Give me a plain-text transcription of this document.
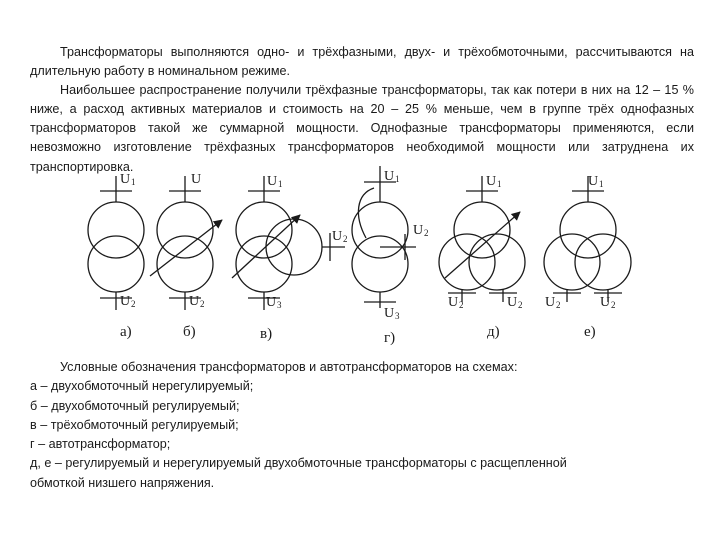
Трансформаторы выполняются одно- и трёхфазными, двух- и трёхобмоточными, рассчитываются на длительную работу в номинальном режиме.

Наибольшее распространение получили трёхфазные трансформаторы, так как потери в них на 12 – 15 % ниже, а расход активных материалов и стоимость на 20 – 25 % меньше, чем в группе трёх однофазных трансформаторов такой же суммарной мощности. Однофазные трансформаторы применяются, если невозможно изготовление трёхфазных трансформаторов необходимой мощности или затруднена их транспортировка.

U 1
U 2
U
U 2
U 1
U 2
U 3
U 1
U 2
U 3
U 1
U 2	U 2
U 1
U 2	U 2
а)	б)	в)	г)	д)	е)
Условные обозначения трансформаторов и автотрансформаторов на схемах:
а – двухобмоточный нерегулируемый;
б – двухобмоточный регулируемый;
в – трёхобмоточный регулируемый;
г – автотрансформатор;
д, е – регулируемый и нерегулируемый двухобмоточные трансформаторы с расщепленной
обмоткой низшего напряжения.
